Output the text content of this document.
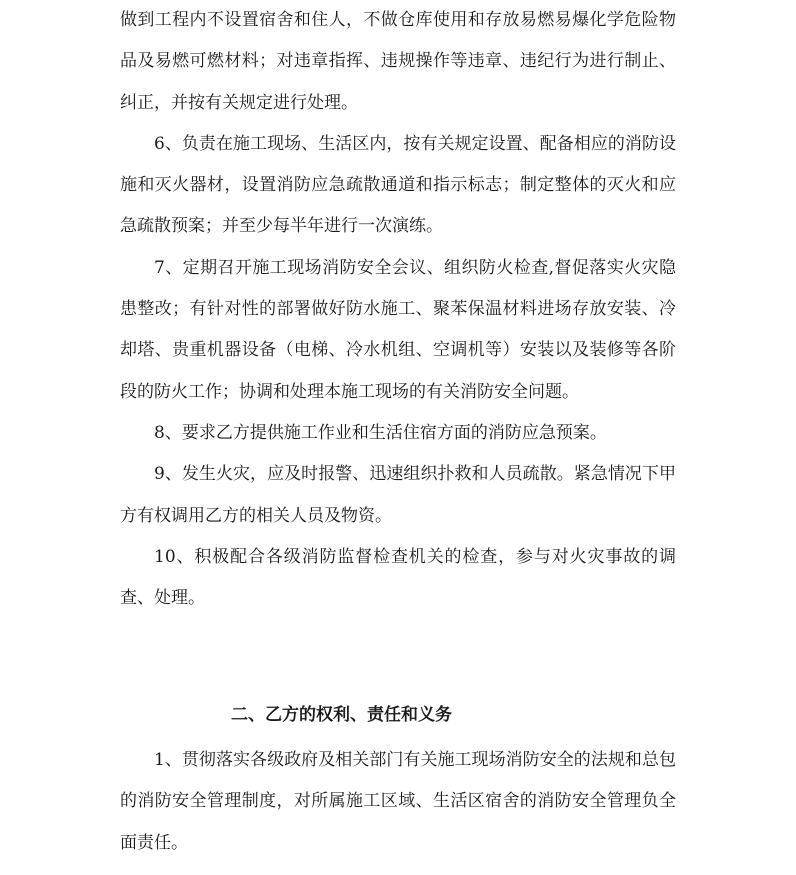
做到工程内不设置宿舍和住人，不做仓库使用和存放易燃易爆化学危险物品及易燃可燃材料；对违章指挥、违规操作等违章、违纪行为进行制止、纠正，并按有关规定进行处理。

6、负责在施工现场、生活区内，按有关规定设置、配备相应的消防设施和灭火器材，设置消防应急疏散通道和指示标志；制定整体的灭火和应急疏散预案；并至少每半年进行一次演练。

7、定期召开施工现场消防安全会议、组织防火检查,督促落实火灾隐患整改；有针对性的部署做好防水施工、聚苯保温材料进场存放安装、冷却塔、贵重机器设备（电梯、冷水机组、空调机等）安装以及装修等各阶段的防火工作；协调和处理本施工现场的有关消防安全问题。

8、要求乙方提供施工作业和生活住宿方面的消防应急预案。

9、发生火灾，应及时报警、迅速组织扑救和人员疏散。紧急情况下甲方有权调用乙方的相关人员及物资。

10、积极配合各级消防监督检查机关的检查，参与对火灾事故的调查、处理。

二、乙方的权利、责任和义务

1、贯彻落实各级政府及相关部门有关施工现场消防安全的法规和总包的消防安全管理制度，对所属施工区域、生活区宿舍的消防安全管理负全面责任。
